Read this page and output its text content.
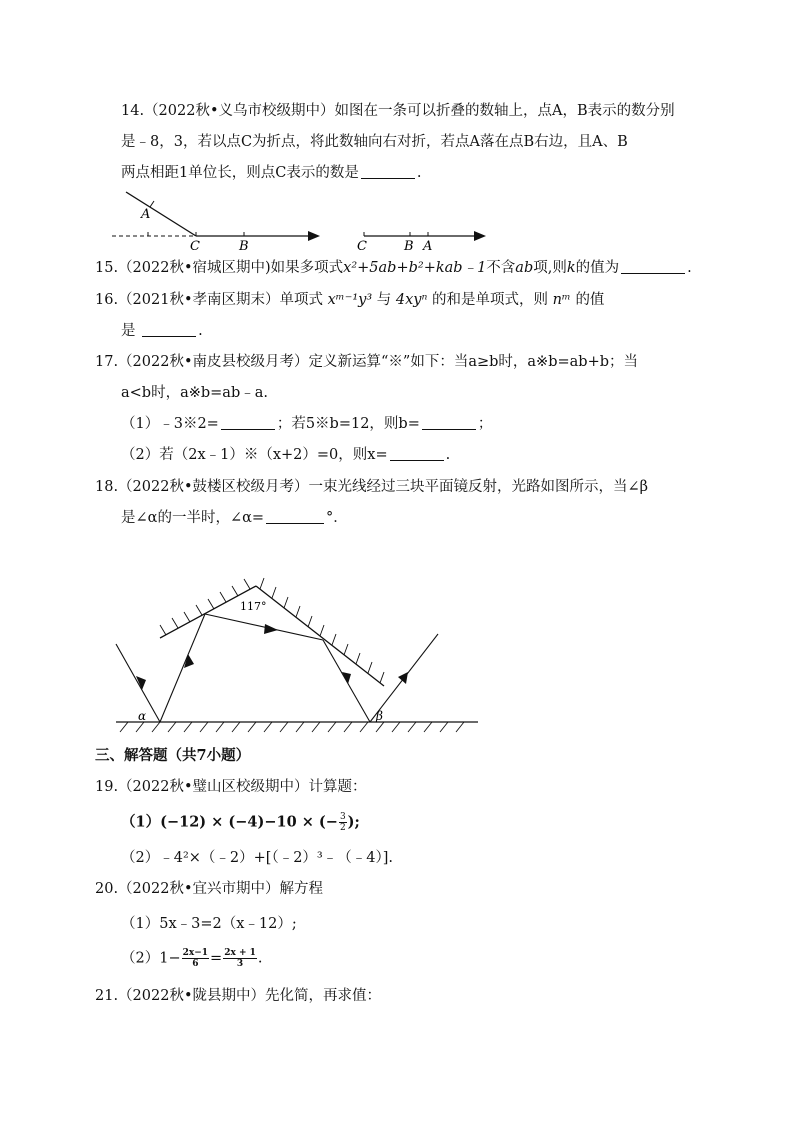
14.（2022秋•义乌市校级期中）如图在一条可以折叠的数轴上，点A，B表示的数分别
是﹣8，3，若以点C为折点，将此数轴向右对折，若点A落在点B右边，且A、B
两点相距1单位长，则点C表示的数是	.
A
C	B	C	B A
15.（2022秋•宿城区期中)如果多项式x²+5ab+b²+kab﹣1不含ab项,则k的值为	.
16.（2021秋•孝南区期末）单项式 xᵐ⁻¹y³ 与 4xyⁿ 的和是单项式，则 nᵐ 的值
是	.
17.（2022秋•南皮县校级月考）定义新运算“※”如下：当a≥b时，a※b=ab+b；当
a<b时，a※b=ab﹣a.
（1）﹣3※2=	；若5※b=12，则b=	；
（2）若（2x﹣1）※（x+2）=0，则x=	.
18.（2022秋•鼓楼区校级月考）一束光线经过三块平面镜反射，光路如图所示，当∠β
是∠α的一半时，∠α=	°．
117°
α	β
三、解答题（共7小题）
19.（2022秋•璧山区校级期中）计算题：
（1）(−12) × (−4)−10 × (− $\frac{3}{2}$ );
（2）﹣4²×（﹣2）+[（﹣2）³﹣（﹣4）].
20.（2022秋•宜兴市期中）解方程
（1）5x﹣3=2（x﹣12）;
$(2)1- \frac{2x-1}{6} = \frac{2x + 1}{3}$ .
21.（2022秋•陇县期中）先化简，再求值：
